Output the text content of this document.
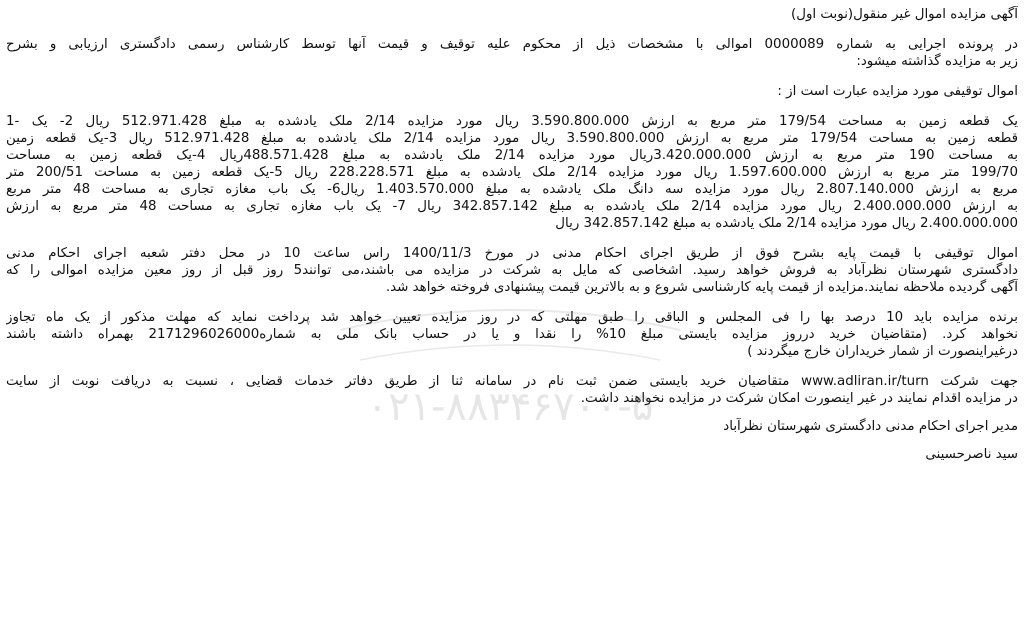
آگهی مزایده اموال غیر منقول(نوبت اول)
در پرونده اجرایی به شماره 0000089 اموالی با مشخصات ذیل از محکوم علیه توقیف و قیمت آنها توسط کارشناس رسمی دادگستری ارزیابی و بشرح
زیر به مزایده گذاشته میشود:
اموال توقیفی مورد مزایده عبارت است از :
یک قطعه زمین به مساحت 179/54 متر مربع به ارزش 3.590.800.000 ریال مورد مزایده 2/14 ملک یادشده به مبلغ 512.971.428 ریال 2- یک -1
قطعه زمین به مساحت 179/54 متر مربع به ارزش 3.590.800.000 ریال مورد مزایده 2/14 ملک یادشده به مبلغ 512.971.428 ریال 3-یک قطعه زمین
به مساحت 190 متر مربع به ارزش 3.420.000.000ریال مورد مزایده 2/14 ملک یادشده به مبلغ 488.571.428ریال 4-یک قطعه زمین به مساحت
199/70 متر مربع به ارزش 1.597.600.000 ریال مورد مزایده 2/14 ملک یادشده به مبلغ 228.228.571 ریال 5-یک قطعه زمین به مساحت 200/51 متر
مربع به ارزش 2.807.140.000 ریال مورد مزایده سه دانگ ملک یادشده به مبلغ 1.403.570.000 ریال6- یک باب مغازه تجاری به مساحت 48 متر مربع
به ارزش 2.400.000.000 ریال مورد مزایده 2/14 ملک یادشده به مبلغ 342.857.142 ریال 7- یک باب مغازه تجاری به مساحت 48 متر مربع به ارزش
2.400.000.000 ریال مورد مزایده 2/14 ملک یادشده به مبلغ 342.857.142 ریال
اموال توقیفی با قیمت پایه بشرح فوق از طریق اجرای احکام مدنی در مورخ 1400/11/3 راس ساعت 10 در محل دفتر شعبه اجرای احکام مدنی
دادگستری شهرستان نظرآباد به فروش خواهد رسید. اشخاصی که مایل به شرکت در مزایده می باشند،می توانند5 روز قبل از روز معین مزایده اموالی را که
آگهی گردیده ملاحظه نمایند.مزایده از قیمت پایه کارشناسی شروع و به بالاترین قیمت پیشنهادی فروخته خواهد شد.
برنده مزایده باید 10 درصد بها را فی المجلس و الباقی را طبق مهلتی که در روز مزایده تعیین خواهد شد پرداخت نماید که مهلت مذکور از یک ماه تجاوز
نخواهد کرد. (متقاضیان خرید درروز مزایده بایستی مبلغ 10% را نقدا و یا در حساب بانک ملی به شماره2171296026000 بهمراه داشته باشند
درغیراینصورت از شمار خریداران خارج میگردند )
جهت شرکت www.adliran.ir/turn متقاضیان خرید بایستی ضمن ثبت نام در سامانه ثنا از طریق دفاتر خدمات قضایی ، نسبت به دریافت نوبت از سایت
در مزایده اقدام نمایند در غیر اینصورت امکان شرکت در مزایده نخواهند داشت.
مدیر اجرای احکام مدنی دادگستری شهرستان نظرآباد
سید ناصرحسینی
۰۲۱-۸۸۳۴۶۷۰۰-۵
